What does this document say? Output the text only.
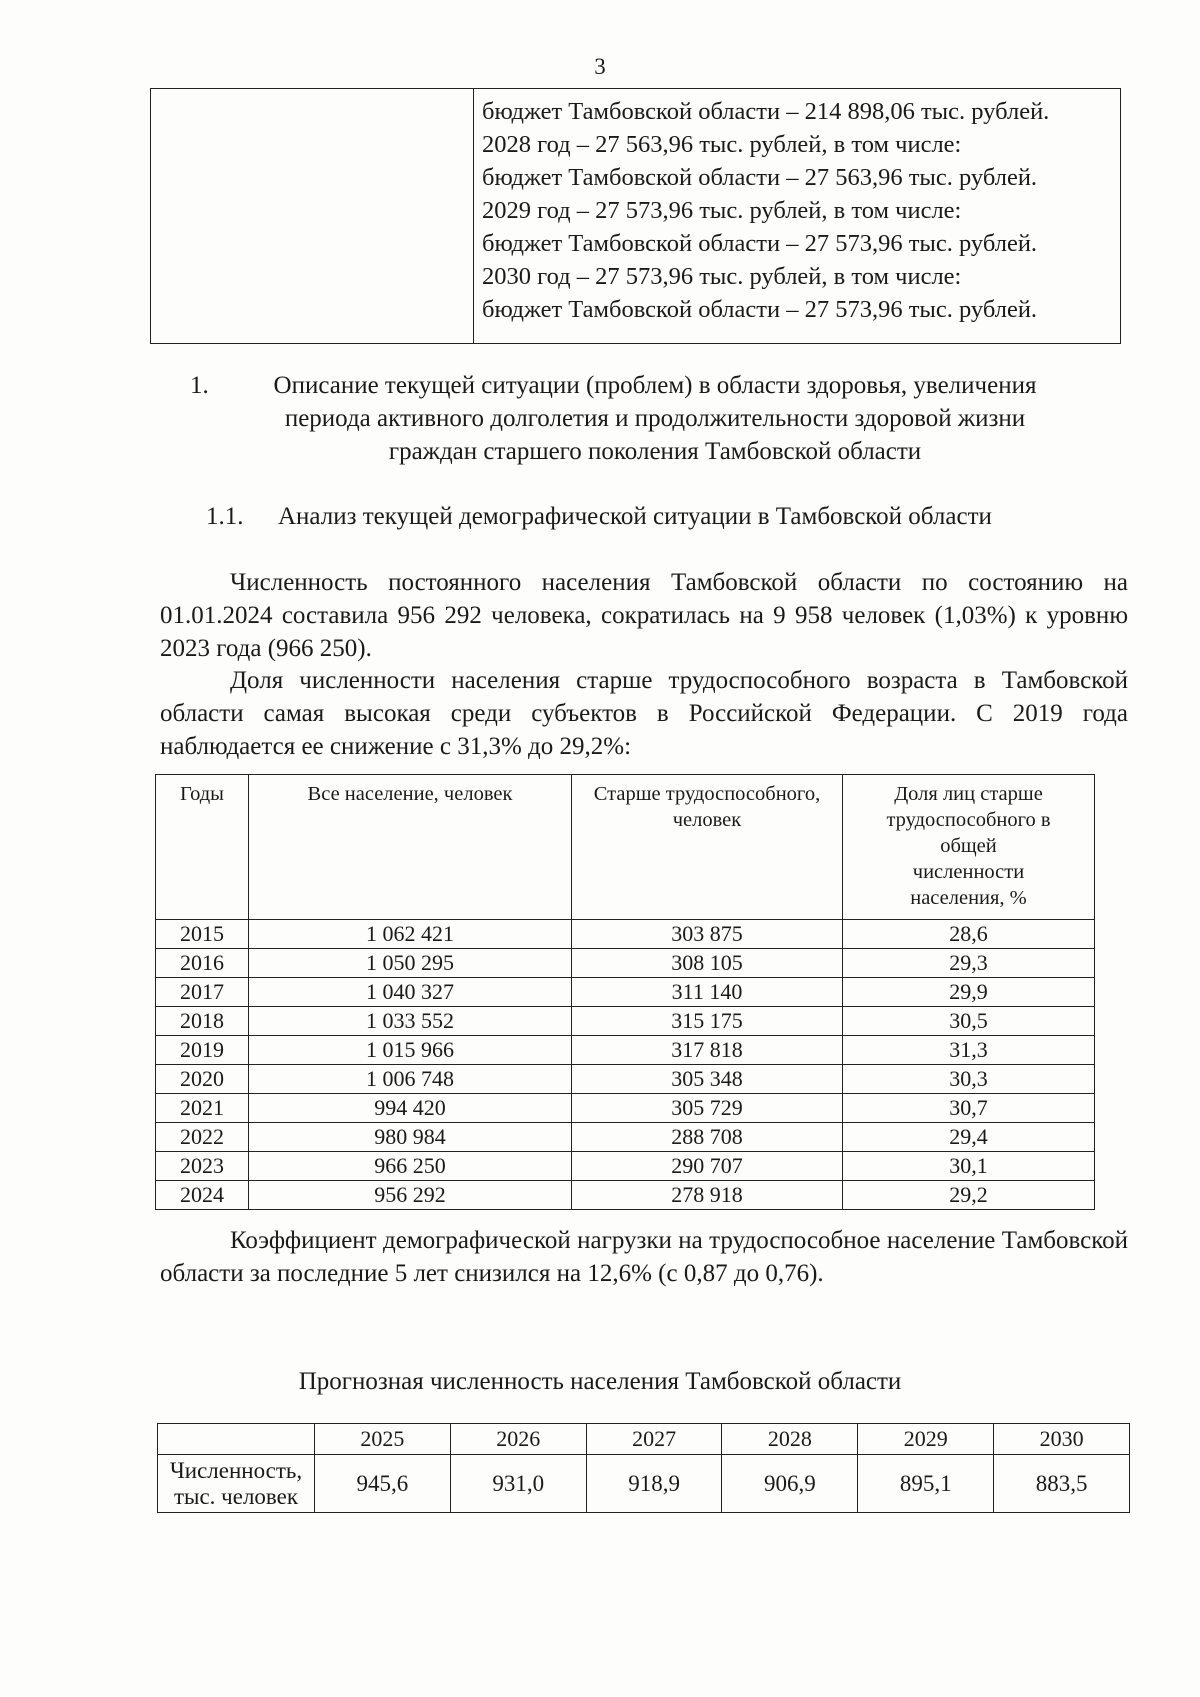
3

бюджет Тамбовской области – 214 898,06 тыс. рублей.
2028 год – 27 563,96 тыс. рублей, в том числе:
бюджет Тамбовской области – 27 563,96 тыс. рублей.
2029 год – 27 573,96 тыс. рублей, в том числе:
бюджет Тамбовской области – 27 573,96 тыс. рублей.
2030 год – 27 573,96 тыс. рублей, в том числе:
бюджет Тамбовской области – 27 573,96 тыс. рублей.
1.	Описание текущей ситуации (проблем) в области здоровья, увеличения
периода активного долголетия и продолжительности здоровой жизни
граждан старшего поколения Тамбовской области
1.1. Анализ текущей демографической ситуации в Тамбовской области
Численность постоянного населения Тамбовской области по состоянию на 01.01.2024 составила 956 292 человека, сократилась на 9 958 человек (1,03%) к уровню 2023 года (966 250).
Доля численности населения старше трудоспособного возраста в Тамбовской области самая высокая среди субъектов в Российской Федерации. С 2019 года наблюдается ее снижение с 31,3% до 29,2%:
Годы	Все население, человек	Старше трудоспособного, человек	Доля лиц старше трудоспособного в общей численности населения, %
2015	1 062 421	303 875	28,6
2016	1 050 295	308 105	29,3
2017	1 040 327	311 140	29,9
2018	1 033 552	315 175	30,5
2019	1 015 966	317 818	31,3
2020	1 006 748	305 348	30,3
2021	994 420	305 729	30,7
2022	980 984	288 708	29,4
2023	966 250	290 707	30,1
2024	956 292	278 918	29,2
Коэффициент демографической нагрузки на трудоспособное население Тамбовской области за последние 5 лет снизился на 12,6% (с 0,87 до 0,76).
Прогнозная численность населения Тамбовской области
	2025	2026	2027	2028	2029	2030
Численность, тыс. человек	945,6	931,0	918,9	906,9	895,1	883,5
